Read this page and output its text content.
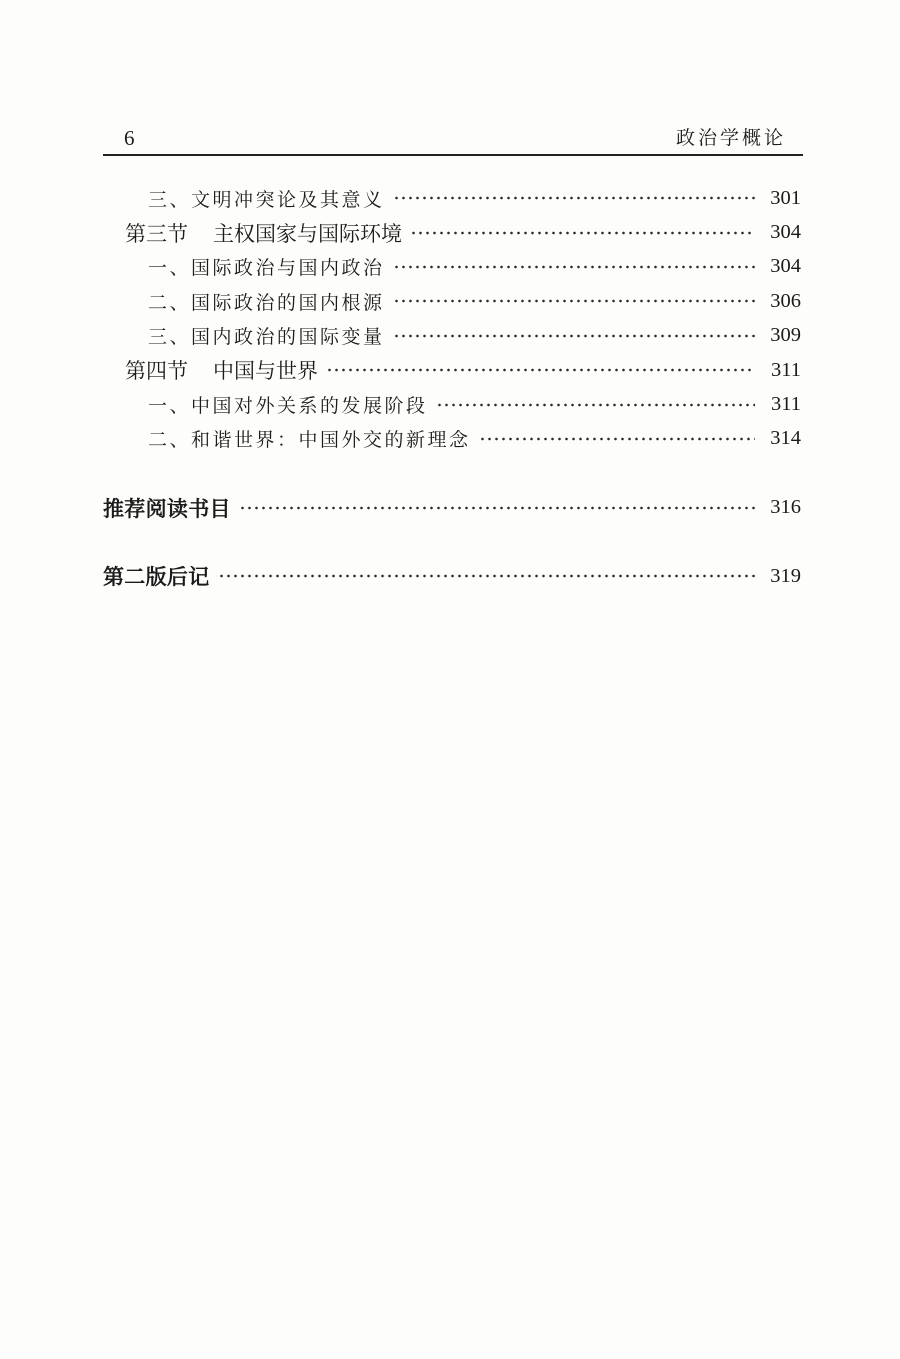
6	政治学概论
三、文明冲突论及其意义	301
第三节 主权国家与国际环境	304
一、国际政治与国内政治	304
二、国际政治的国内根源	306
三、国内政治的国际变量	309
第四节 中国与世界	311
一、中国对外关系的发展阶段	311
二、和谐世界：中国外交的新理念	314
推荐阅读书目	316
第二版后记	319
